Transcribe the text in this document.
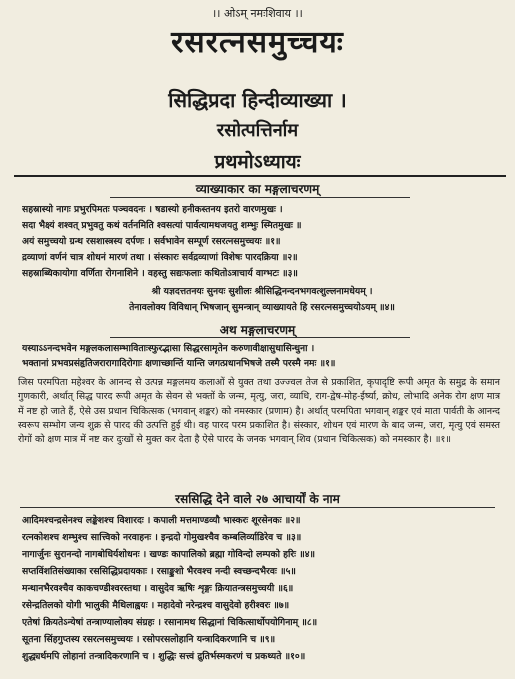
।। ओऽम् नमःशिवाय ।।
रसरत्नसमुच्चयः
सिद्धिप्रदा हिन्दीव्याख्या ।
रसोत्पत्तिर्नाम
प्रथमोऽध्यायः
व्याख्याकार का मङ्गलाचरणम्
सहस्रास्यो नागः प्रभुरपिमतः पञ्चवदनः । षडास्यो हनीकस्तनय इतरो वारणमुखः ।
सदा भैक्ष्यं शश्वत् प्रभुवतु कथं वर्तनमिति श्वसत्यां पार्वत्यामथजयतु शम्भुः स्मितमुखः ॥
अयं समुच्चयो ग्रन्थ रसशास्त्रस्य दर्पणः । सर्वभावेन सम्पूर्ण रसरत्नसमुच्चयः ॥१॥
द्रव्याणां वर्णनं चात्र शोधनं मारणं तथा । संस्कारः सर्वद्रव्याणां विशेषः पारदक्रिया ॥२॥
सहस्राब्धिकायोगा वर्णिता रोगनाशिने । वहस्तु सद्यःफलाः कथितोऽत्राचार्य वाग्भटः ॥३॥
श्री यज्ञदत्ततनयः सुनयः सुशीलः श्रीसिद्धिनन्दनभगवत्शुल्लनामधेयम् ।
तेनावलोक्य विविधान् भिषजान् सुमन्त्रान् व्याख्यायते हि रसरत्नसमुच्चयोऽयम् ॥४॥
अथ मङ्गलाचरणम्
यस्याऽऽनन्दभवेन मङ्गलकलासम्भाविताःस्फुरद्भासा सिद्धरसामृतेन करुणावीक्षासुधासिन्धुना ।
भक्तानां प्रभवप्रसंहृतिजरारागादिरोगाः क्षणाच्छान्तिं यान्ति जगत्प्रधानभिषजे तस्मै परस्मै नमः ॥१॥
जिस परमपिता महेश्वर के आनन्द से उत्पन्न मङ्गलमय कलाओं से युक्त तथा उज्ज्वल तेज से प्रकाशित, कृपादृष्टि रूपी अमृत के समुद्र के समान गुणकारी, अर्थात् सिद्ध पारद रूपी अमृत के सेवन से भक्तों के जन्म, मृत्यु, जरा, व्याधि, राग-द्वेष-मोह-ईर्ष्या, क्रोध, लोभादि अनेक रोग क्षण मात्र में नष्ट हो जाते हैं, ऐसे उस प्रधान चिकित्सक (भगवान् शङ्कर) को नमस्कार (प्रणाम) है। अर्थात् परमपिता भगवान् शङ्कर एवं माता पार्वती के आनन्द स्वरूप सम्भोग जन्य शुक्र से पारद की उत्पत्ति हुई थी। वह पारद परम प्रकाशित है। संस्कार, शोधन एवं मारण के बाद जन्म, जरा, मृत्यु एवं समस्त रोगों को क्षण मात्र में नष्ट कर दुःखों से मुक्त कर देता है ऐसे पारद के जनक भगवान् शिव (प्रधान चिकित्सक) को नमस्कार है। ॥१॥
रससिद्धि देने वाले २७ आचार्यों के नाम
आदिमश्चन्द्रसेनश्च लङ्केशश्च विशारदः । कपाली मत्तमाण्डव्यौ भास्करः शूरसेनकः ॥२॥
रत्नकोशश्च शम्भुश्च सात्त्विको नरवाहनः । इन्द्रदो गोमुखश्चैव कम्बलिर्व्याडिरेव च ॥३॥
नागार्जुनः सुरानन्दो नागबोधिर्यशोधनः । खण्डः कापालिको ब्रह्मा गोविन्दो लम्पको हरिः ॥४॥
सप्तविंशतिसंख्याका रससिद्धिप्रदायकाः । रसाङ्कुशो भैरवश्च नन्दी स्वच्छन्दभैरवः ॥५॥
मन्थानभैरवश्चैव काकचण्डीश्वरस्तथा । वासुदेव ऋषिः शृङ्गः क्रियातन्त्रसमुच्चयी ॥६॥
रसेन्द्रतिलको योगी भालुकी मैथिलाह्वयः । महादेवो नरेन्द्रश्च वासुदेवो हरीश्वरः ॥७॥
एतेषां क्रियतेऽन्येषां तन्त्राण्यालोक्य संग्रहः । रसानामथ सिद्धानां चिकित्सार्थोपयोगिनाम् ॥८॥
सूतना सिंहगुप्तस्य रसरत्नसमुच्चयः । रसोपरसलोहानि यन्त्रादिकरणानि च ॥९॥
शुद्ध्यर्थमपि लोहानां तन्त्रादिकरणानि च । शुद्धिः सत्त्वं द्रुतिर्भस्मकरणं च प्रकथ्यते ॥१०॥
